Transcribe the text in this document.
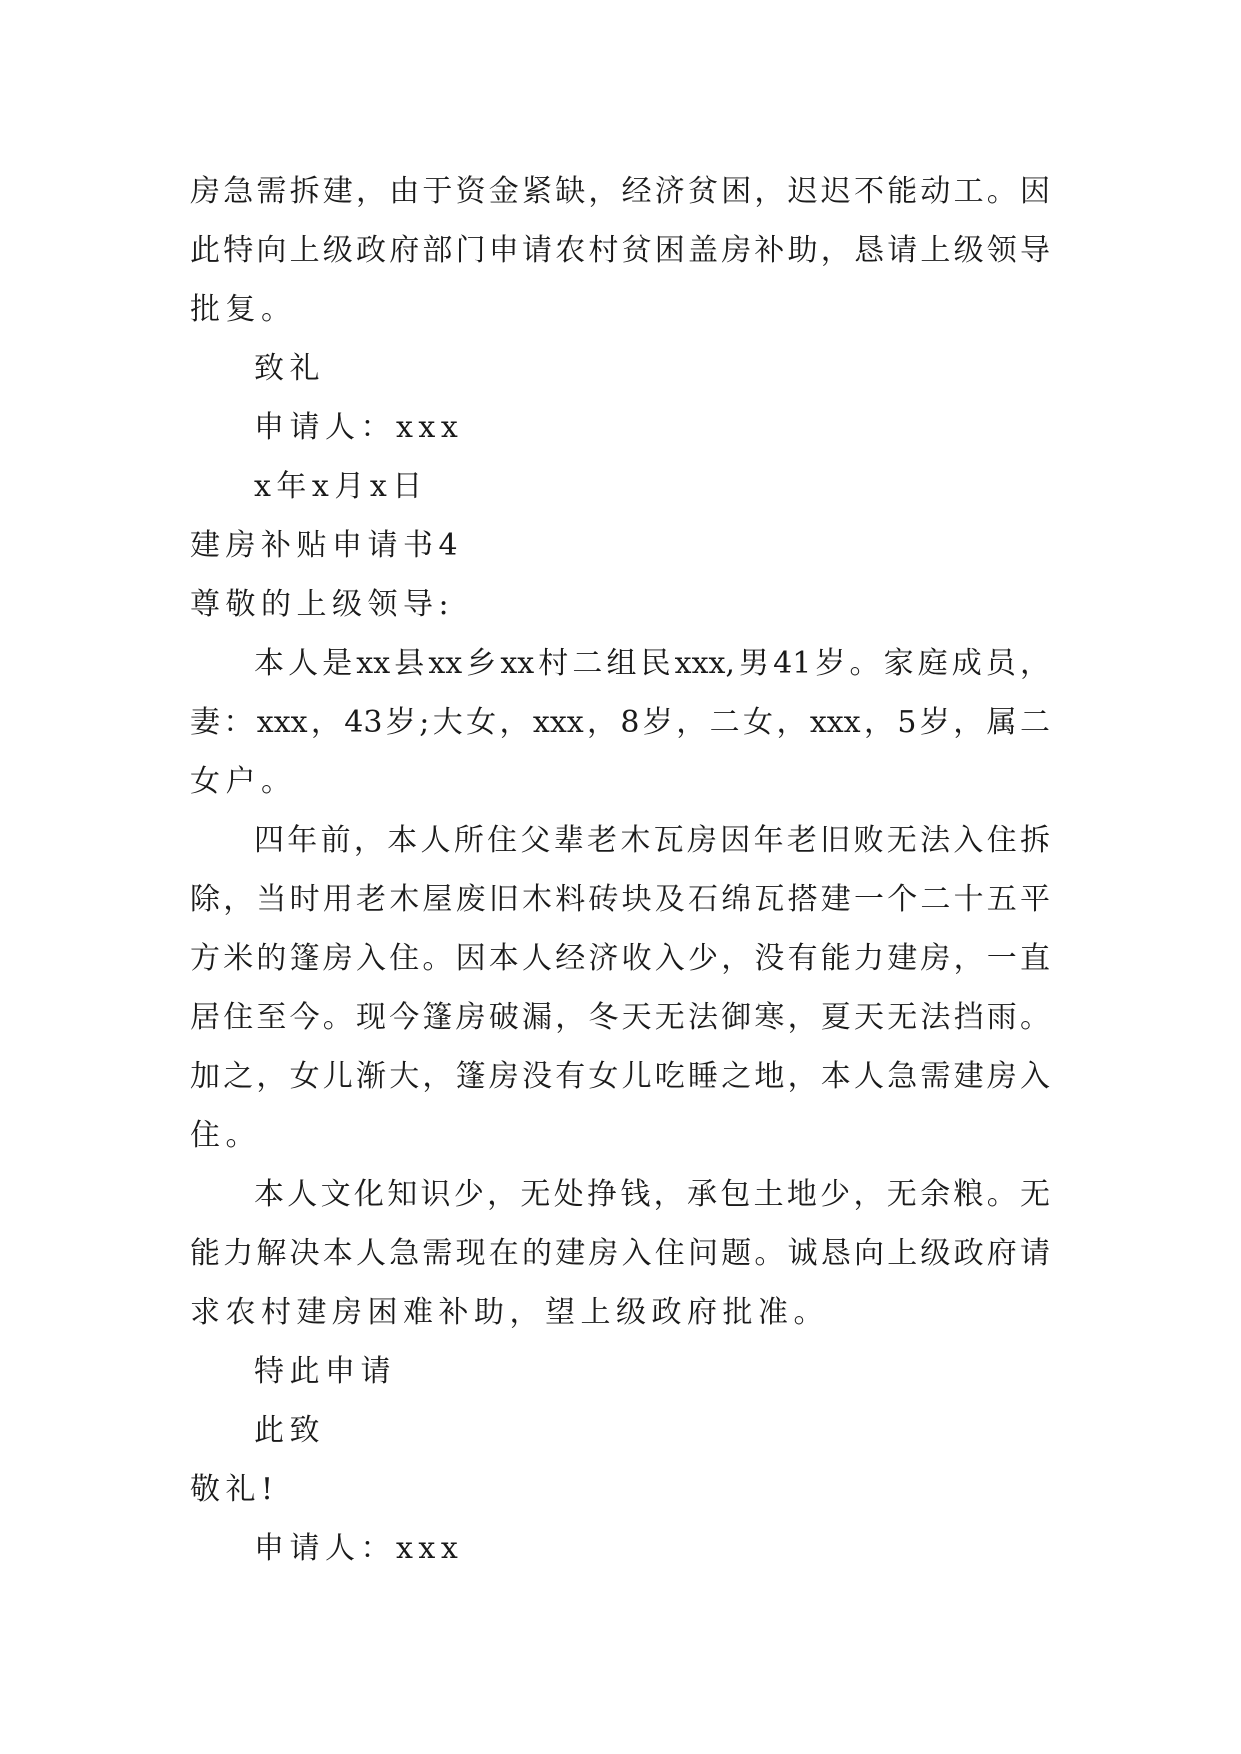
房急需拆建，由于资金紧缺，经济贫困，迟迟不能动工。因
此特向上级政府部门申请农村贫困盖房补助，恳请上级领导
批复。
致礼
申请人：xxx
x年x月x日
建房补贴申请书4
尊敬的上级领导:
本人是xx县xx乡xx村二组民xxx,男41岁。家庭成员，
妻：xxx，43岁;大女，xxx，8岁，二女，xxx，5岁，属二
女户。
四年前，本人所住父辈老木瓦房因年老旧败无法入住拆
除，当时用老木屋废旧木料砖块及石绵瓦搭建一个二十五平
方米的篷房入住。因本人经济收入少，没有能力建房，一直
居住至今。现今篷房破漏，冬天无法御寒，夏天无法挡雨。
加之，女儿渐大，篷房没有女儿吃睡之地，本人急需建房入
住。
本人文化知识少，无处挣钱，承包土地少，无余粮。无
能力解决本人急需现在的建房入住问题。诚恳向上级政府请
求农村建房困难补助，望上级政府批准。
特此申请
此致
敬礼!
申请人：xxx
